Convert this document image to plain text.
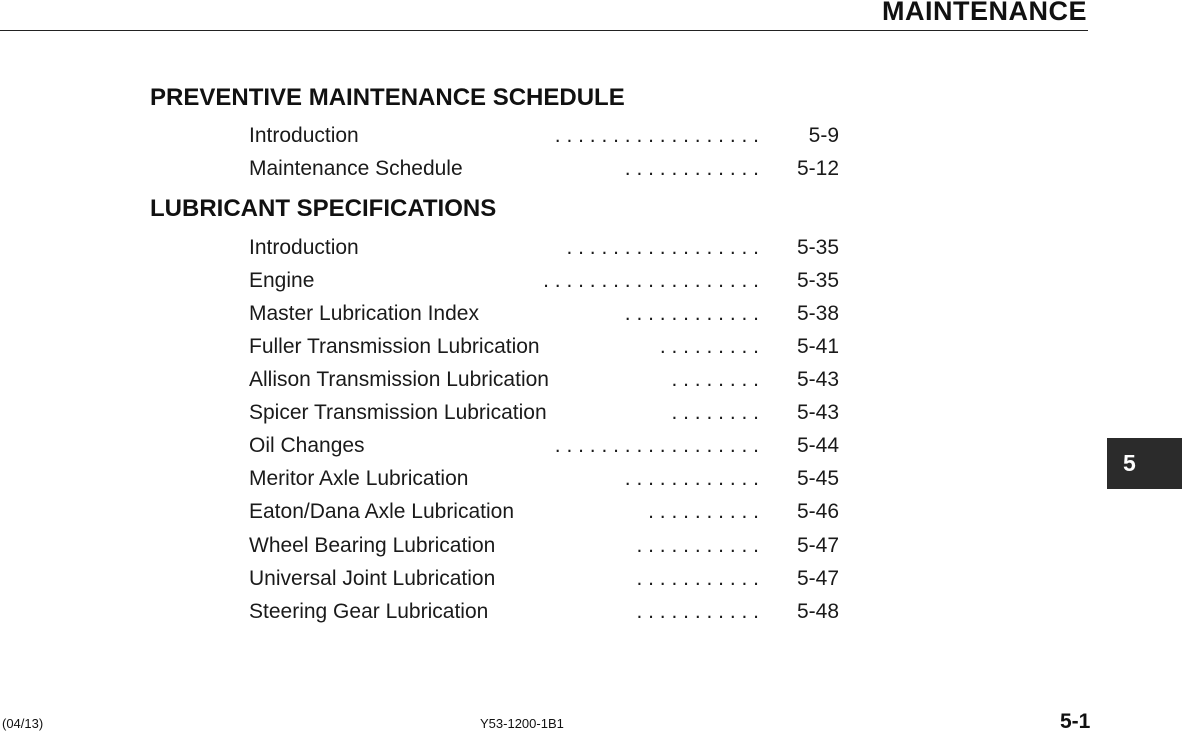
MAINTENANCE
PREVENTIVE MAINTENANCE SCHEDULE
Introduction	. . . . . . . . . . . . . . . . . . 5-9
Maintenance Schedule	. . . . . . . . . . . . 5-12
LUBRICANT SPECIFICATIONS
Introduction	. . . . . . . . . . . . . . . . . 5-35
Engine	. . . . . . . . . . . . . . . . . . . 5-35
Master Lubrication Index	. . . . . . . . . . . . 5-38
Fuller Transmission Lubrication	. . . . . . . . . 5-41
Allison Transmission Lubrication	. . . . . . . . 5-43
Spicer Transmission Lubrication	. . . . . . . . 5-43
Oil Changes	. . . . . . . . . . . . . . . . . . 5-44
Meritor Axle Lubrication	. . . . . . . . . . . . 5-45
Eaton/Dana Axle Lubrication	. . . . . . . . . . 5-46
Wheel Bearing Lubrication	. . . . . . . . . . . 5-47
Universal Joint Lubrication	. . . . . . . . . . . 5-47
Steering Gear Lubrication	. . . . . . . . . . . 5-48
5
(04/13)	Y53-1200-1B1	5-1
